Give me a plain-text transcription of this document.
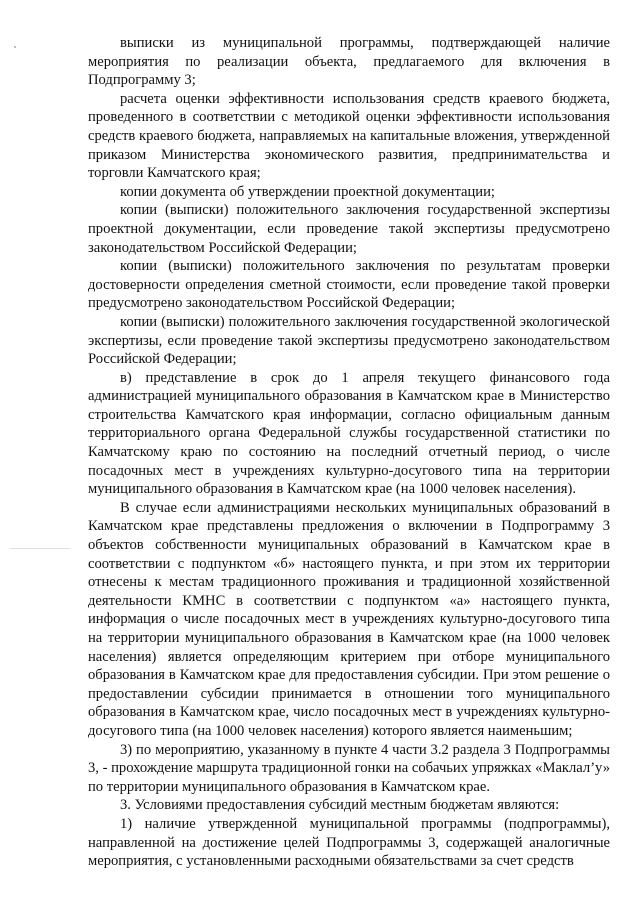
выписки из муниципальной программы, подтверждающей наличие мероприятия по реализации объекта, предлагаемого для включения в Подпрограмму 3;

расчета оценки эффективности использования средств краевого бюджета, проведенного в соответствии с методикой оценки эффективности использования средств краевого бюджета, направляемых на капитальные вложения, утвержденной приказом Министерства экономического развития, предпринимательства и торговли Камчатского края;

копии документа об утверждении проектной документации;

копии (выписки) положительного заключения государственной экспертизы проектной документации, если проведение такой экспертизы предусмотрено законодательством Российской Федерации;

копии (выписки) положительного заключения по результатам проверки достоверности определения сметной стоимости, если проведение такой проверки предусмотрено законодательством Российской Федерации;

копии (выписки) положительного заключения государственной экологической экспертизы, если проведение такой экспертизы предусмотрено законодательством Российской Федерации;

в) представление в срок до 1 апреля текущего финансового года администрацией муниципального образования в Камчатском крае в Министерство строительства Камчатского края информации, согласно официальным данным территориального органа Федеральной службы государственной статистики по Камчатскому краю по состоянию на последний отчетный период, о числе посадочных мест в учреждениях культурно-досугового типа на территории муниципального образования в Камчатском крае (на 1000 человек населения).

В случае если администрациями нескольких муниципальных образований в Камчатском крае представлены предложения о включении в Подпрограмму 3 объектов собственности муниципальных образований в Камчатском крае в соответствии с подпунктом «б» настоящего пункта, и при этом их территории отнесены к местам традиционного проживания и традиционной хозяйственной деятельности КМНС в соответствии с подпунктом «а» настоящего пункта, информация о числе посадочных мест в учреждениях культурно-досугового типа на территории муниципального образования в Камчатском крае (на 1000 человек населения) является определяющим критерием при отборе муниципального образования в Камчатском крае для предоставления субсидии. При этом решение о предоставлении субсидии принимается в отношении того муниципального образования в Камчатском крае, число посадочных мест в учреждениях культурно-досугового типа (на 1000 человек населения) которого является наименьшим;

3) по мероприятию, указанному в пункте 4 части 3.2 раздела 3 Подпрограммы 3, - прохождение маршрута традиционной гонки на собачьих упряжках «Маклал’у» по территории муниципального образования в Камчатском крае.

3. Условиями предоставления субсидий местным бюджетам являются:

1) наличие утвержденной муниципальной программы (подпрограммы), направленной на достижение целей Подпрограммы 3, содержащей аналогичные мероприятия, с установленными расходными обязательствами за счет средств
